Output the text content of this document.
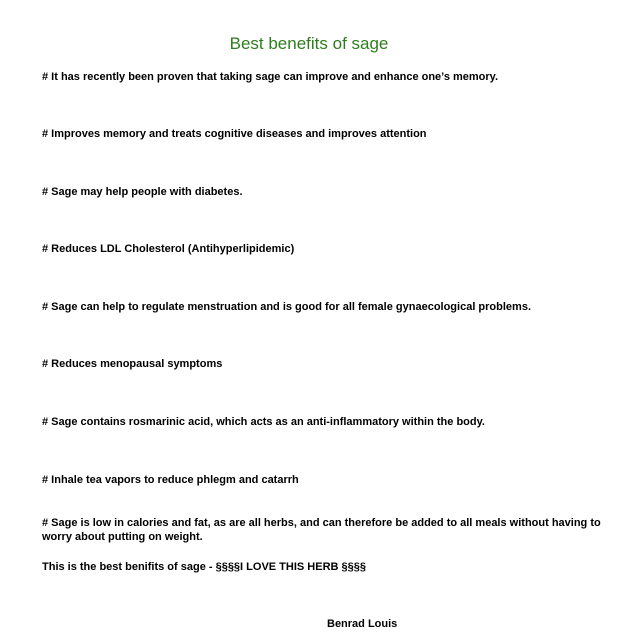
Best benefits of sage
# It has recently been proven that taking sage can improve and enhance one’s memory.
# Improves memory and treats cognitive diseases and improves attention
# Sage may help people with diabetes.
# Reduces LDL Cholesterol (Antihyperlipidemic)
# Sage can help to regulate menstruation and is good for all female gynaecological problems.
# Reduces menopausal symptoms
# Sage contains rosmarinic acid, which acts as an anti-inflammatory within the body.
# Inhale tea vapors to reduce phlegm and catarrh
# Sage is low in calories and fat, as are all herbs, and can therefore be added to all meals without having to worry about putting on weight.
This is the best benifits of sage - §§§§I LOVE THIS HERB §§§§
Benrad Louis
